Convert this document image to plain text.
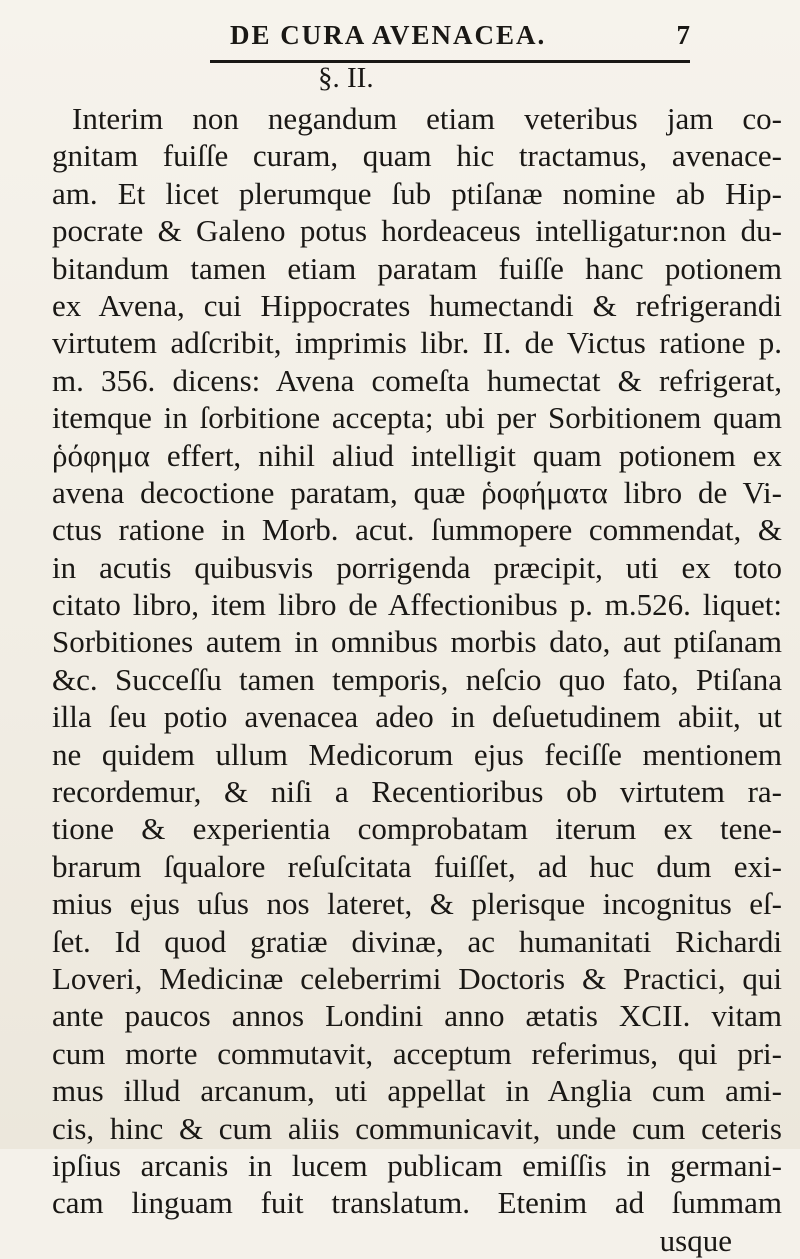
DE CURA AVENACEA.	7
§. II.
Interim non negandum etiam veteribus jam co-
gnitam fuiſſe curam, quam hic tractamus, avenace-
am. Et licet plerumque ſub ptiſanæ nomine ab Hip-
pocrate & Galeno potus hordeaceus intelligatur:non du-
bitandum tamen etiam paratam fuiſſe hanc potionem
ex Avena, cui Hippocrates humectandi & refrigerandi
virtutem adſcribit, imprimis libr. II. de Victus ratione p.
m. 356. dicens: Avena comeſta humectat & refrigerat,
itemque in ſorbitione accepta; ubi per Sorbitionem quam
ῥόφημα effert, nihil aliud intelligit quam potionem ex
avena decoctione paratam, quæ ῥοφήματα libro de Vi-
ctus ratione in Morb. acut. ſummopere commendat, &
in acutis quibusvis porrigenda præcipit, uti ex toto
citato libro, item libro de Affectionibus p. m.526. liquet:
Sorbitiones autem in omnibus morbis dato, aut ptiſanam
&c. Succeſſu tamen temporis, neſcio quo fato, Ptiſana
illa ſeu potio avenacea adeo in deſuetudinem abiit, ut
ne quidem ullum Medicorum ejus feciſſe mentionem
recordemur, & niſi a Recentioribus ob virtutem ra-
tione & experientia comprobatam iterum ex tene-
brarum ſqualore reſuſcitata fuiſſet, ad huc dum exi-
mius ejus uſus nos lateret, & plerisque incognitus eſ-
ſet. Id quod gratiæ divinæ, ac humanitati Richardi
Loveri, Medicinæ celeberrimi Doctoris & Practici, qui
ante paucos annos Londini anno ætatis XCII. vitam
cum morte commutavit, acceptum referimus, qui pri-
mus illud arcanum, uti appellat in Anglia cum ami-
cis, hinc & cum aliis communicavit, unde cum ceteris
ipſius arcanis in lucem publicam emiſſis in germani-
cam linguam fuit translatum. Etenim ad ſummam
usque
